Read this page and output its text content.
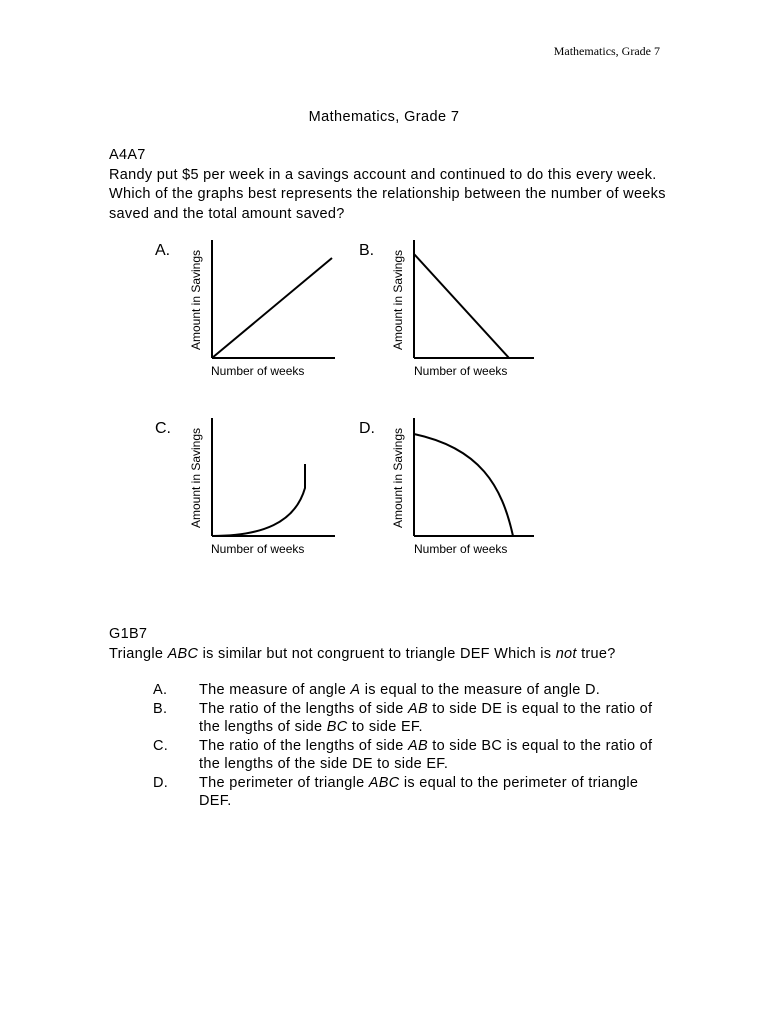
Mathematics, Grade 7
Mathematics, Grade 7
A4A7
Randy put $5 per week in a savings account and continued to do this every week. Which of the graphs best represents the relationship between the number of weeks saved and the total amount saved?
A. Amount in Savings
Number of weeks
B. Amount in Savings
Number of weeks
C. Amount in Savings
Number of weeks
D. Amount in Savings
Number of weeks
G1B7
Triangle ABC is similar but not congruent to triangle DEF Which is not true?
A.	The measure of angle A is equal to the measure of angle D.
B.	The ratio of the lengths of side AB to side DE is equal to the ratio of the lengths of side BC to side EF.
C.	The ratio of the lengths of side AB to side BC is equal to the ratio of the lengths of the side DE to side EF.
D.	The perimeter of triangle ABC is equal to the perimeter of triangle DEF.
